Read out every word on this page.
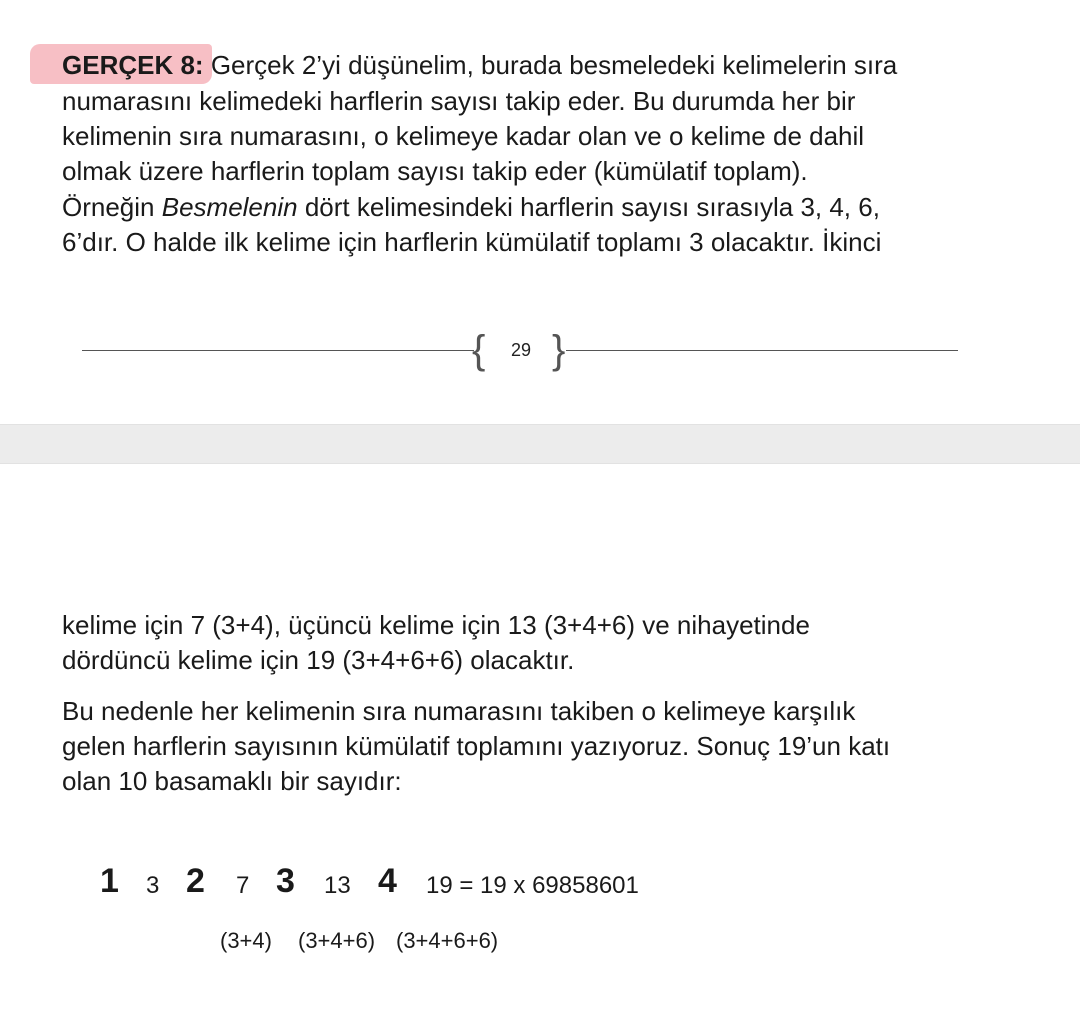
GERÇEK 8: Gerçek 2’yi düşünelim, burada besmeledeki kelimelerin sıra

numarasını kelimedeki harflerin sayısı takip eder. Bu durumda her bir

kelimenin sıra numarasını, o kelimeye kadar olan ve o kelime de dahil

olmak üzere harflerin toplam sayısı takip eder (kümülatif toplam).

Örneğin Besmelenin dört kelimesindeki harflerin sayısı sırasıyla 3, 4, 6,

6’dır. O halde ilk kelime için harflerin kümülatif toplamı 3 olacaktır. İkinci

{ 29 }

kelime için 7 (3+4), üçüncü kelime için 13 (3+4+6) ve nihayetinde

dördüncü kelime için 19 (3+4+6+6) olacaktır.

Bu nedenle her kelimenin sıra numarasını takiben o kelimeye karşılık

gelen harflerin sayısının kümülatif toplamını yazıyoruz. Sonuç 19’un katı

olan 10 basamaklı bir sayıdır:

1 3 2 7 3 13 4 19 = 19 x 69858601
(3+4) (3+4+6) (3+4+6+6)
